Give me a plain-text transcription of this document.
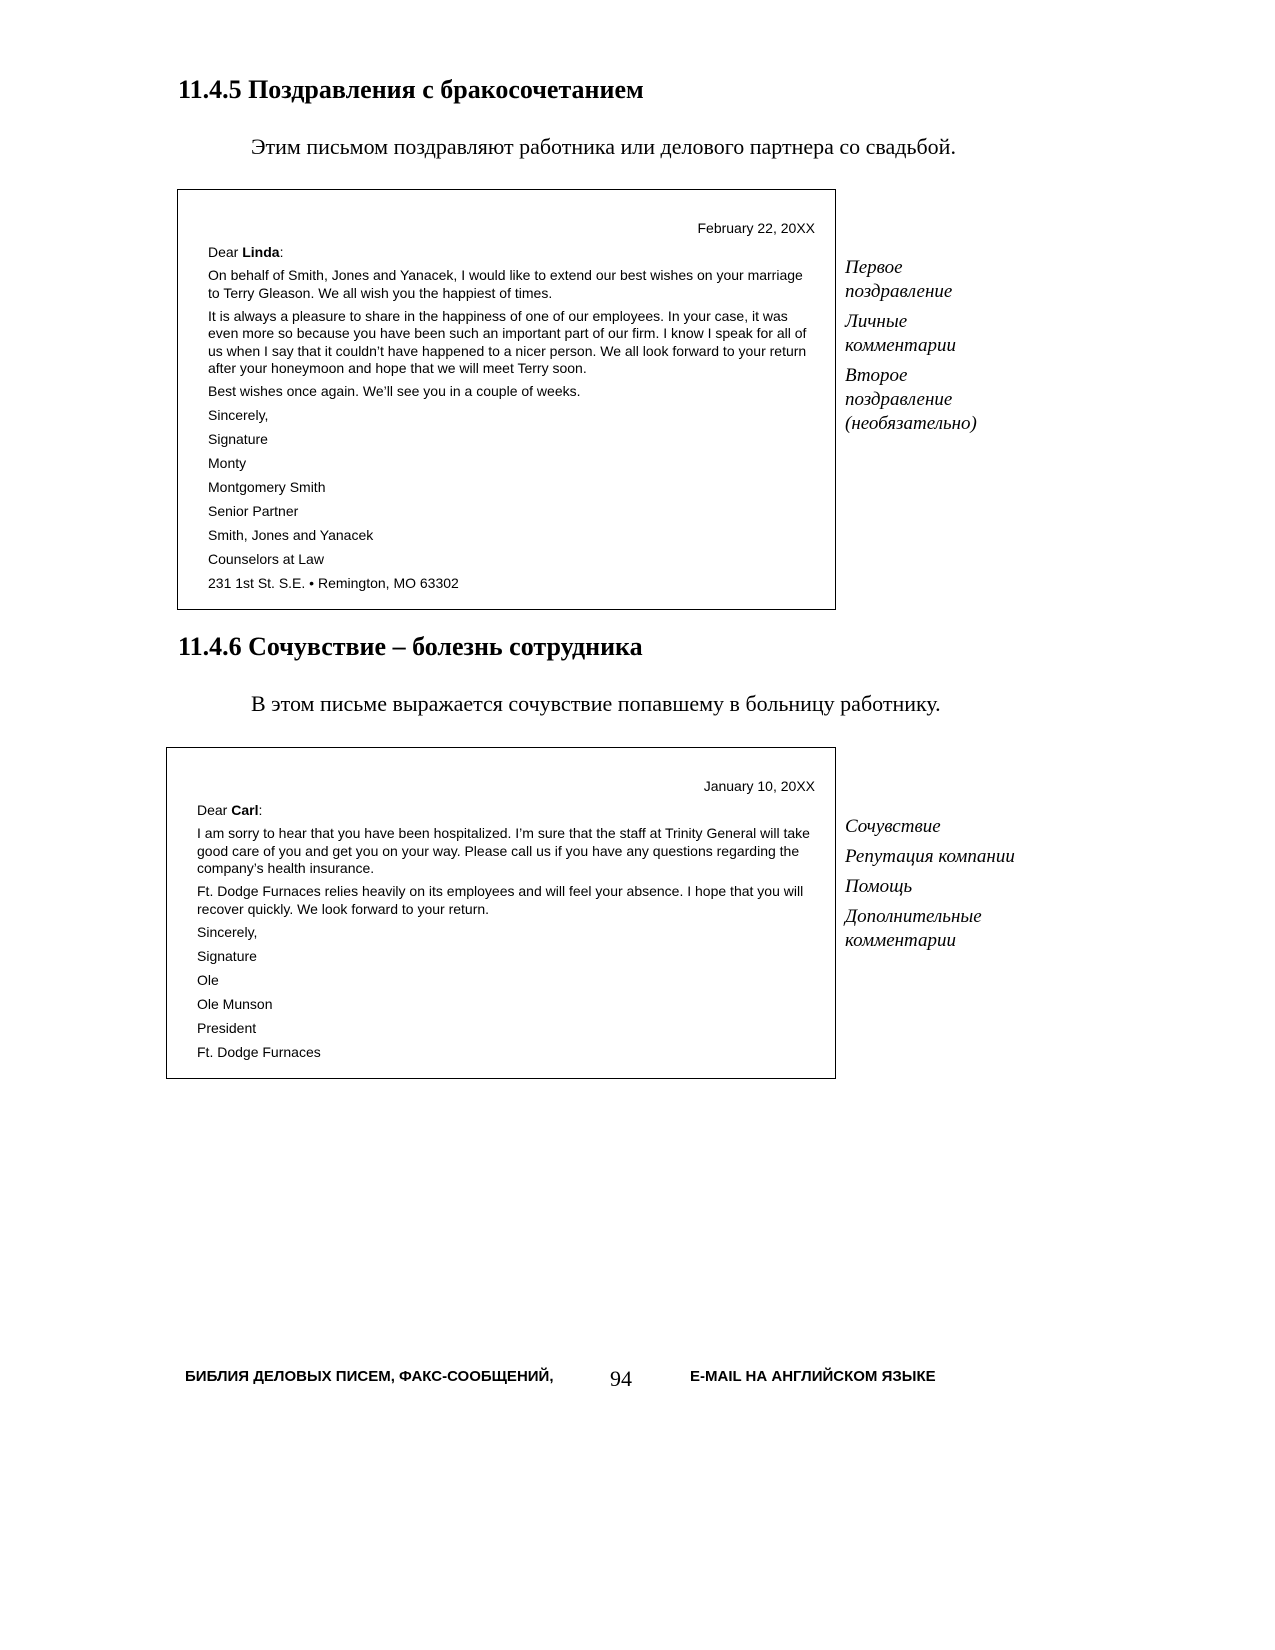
11.4.5 Поздравления с бракосочетанием

Этим письмом поздравляют работника или делового партнера со свадьбой.

February 22, 20XX

Dear Linda:

On behalf of Smith, Jones and Yanacek, I would like to extend our best wishes on your marriage to Terry Gleason. We all wish you the happiest of times.

It is always a pleasure to share in the happiness of one of our employees. In your case, it was even more so because you have been such an important part of our firm. I know I speak for all of us when I say that it couldn’t have happened to a nicer person. We all look forward to your return after your honeymoon and hope that we will meet Terry soon.

Best wishes once again. We’ll see you in a couple of weeks.

Sincerely,
Signature
Monty
Montgomery Smith
Senior Partner
Smith, Jones and Yanacek
Counselors at Law
231 1st St. S.E. • Remington, MO 63302
Первое поздравление
Личные комментарии
Второе поздравление (необязательно)
11.4.6 Сочувствие – болезнь сотрудника

В этом письме выражается сочувствие попавшему в больницу работнику.

January 10, 20XX

Dear Carl:

I am sorry to hear that you have been hospitalized. I’m sure that the staff at Trinity General will take good care of you and get you on your way. Please call us if you have any questions regarding the company’s health insurance.

Ft. Dodge Furnaces relies heavily on its employees and will feel your absence. I hope that you will recover quickly. We look forward to your return.

Sincerely,
Signature
Ole
Ole Munson
President
Ft. Dodge Furnaces
Сочувствие
Репутация компании
Помощь
Дополнительные комментарии
БИБЛИЯ ДЕЛОВЫХ ПИСЕМ, ФАКС-СООБЩЕНИЙ,	94	E-MAIL НА АНГЛИЙСКОМ ЯЗЫКЕ
